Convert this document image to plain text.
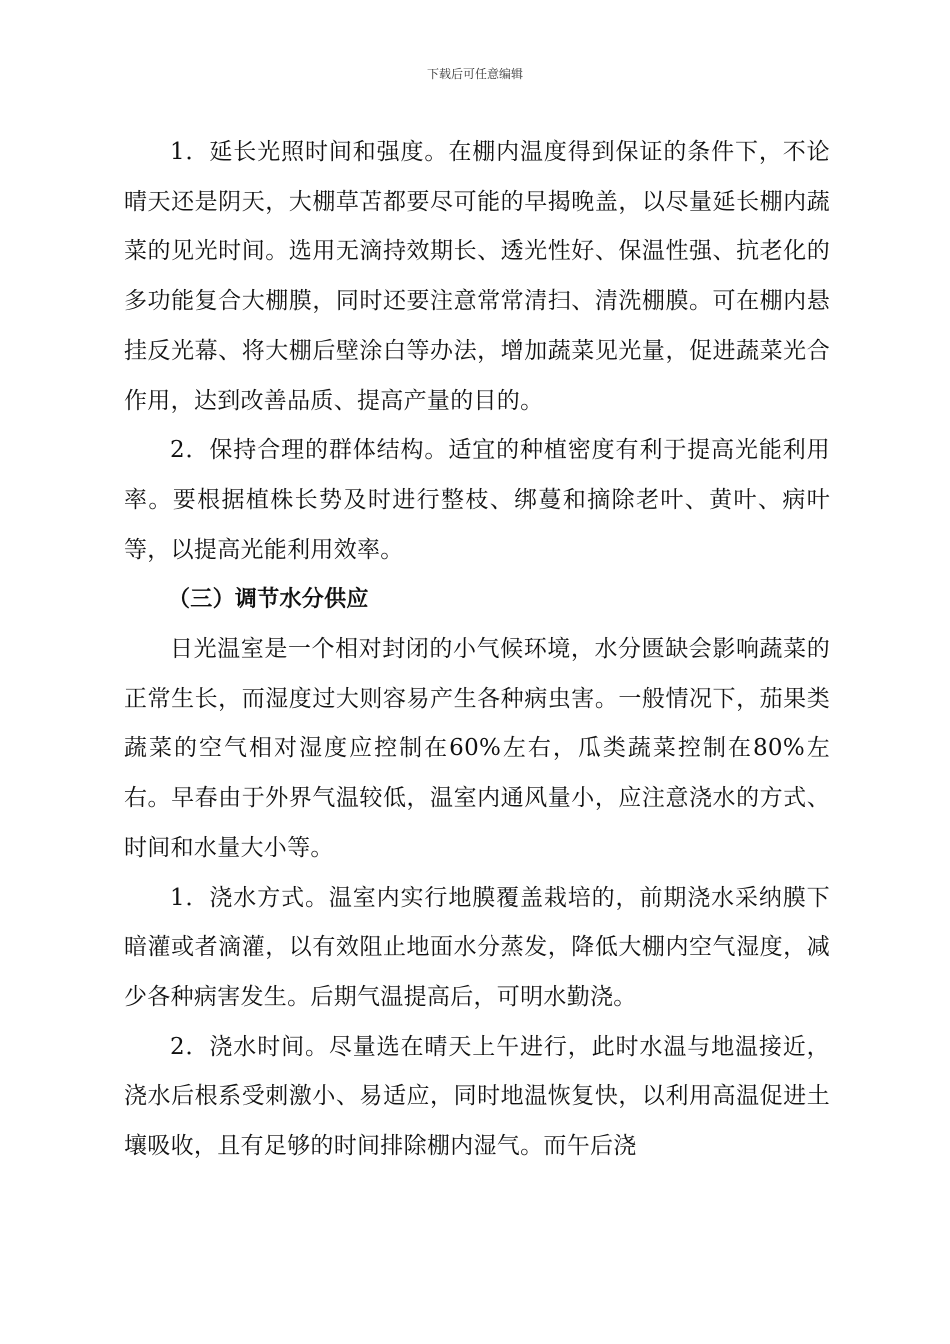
下载后可任意编辑

1．延长光照时间和强度。在棚内温度得到保证的条件下，不论晴天还是阴天，大棚草苫都要尽可能的早揭晚盖，以尽量延长棚内蔬菜的见光时间。选用无滴持效期长、透光性好、保温性强、抗老化的多功能复合大棚膜，同时还要注意常常清扫、清洗棚膜。可在棚内悬挂反光幕、将大棚后壁涂白等办法，增加蔬菜见光量，促进蔬菜光合作用，达到改善品质、提高产量的目的。

2．保持合理的群体结构。适宜的种植密度有利于提高光能利用率。要根据植株长势及时进行整枝、绑蔓和摘除老叶、黄叶、病叶等，以提高光能利用效率。

（三）调节水分供应

日光温室是一个相对封闭的小气候环境，水分匮缺会影响蔬菜的正常生长，而湿度过大则容易产生各种病虫害。一般情况下，茄果类蔬菜的空气相对湿度应控制在60%左右，瓜类蔬菜控制在80%左右。早春由于外界气温较低，温室内通风量小，应注意浇水的方式、时间和水量大小等。

1．浇水方式。温室内实行地膜覆盖栽培的，前期浇水采纳膜下暗灌或者滴灌，以有效阻止地面水分蒸发，降低大棚内空气湿度，减少各种病害发生。后期气温提高后，可明水勤浇。

2．浇水时间。尽量选在晴天上午进行，此时水温与地温接近，浇水后根系受刺激小、易适应，同时地温恢复快，以利用高温促进土壤吸收，且有足够的时间排除棚内湿气。而午后浇
